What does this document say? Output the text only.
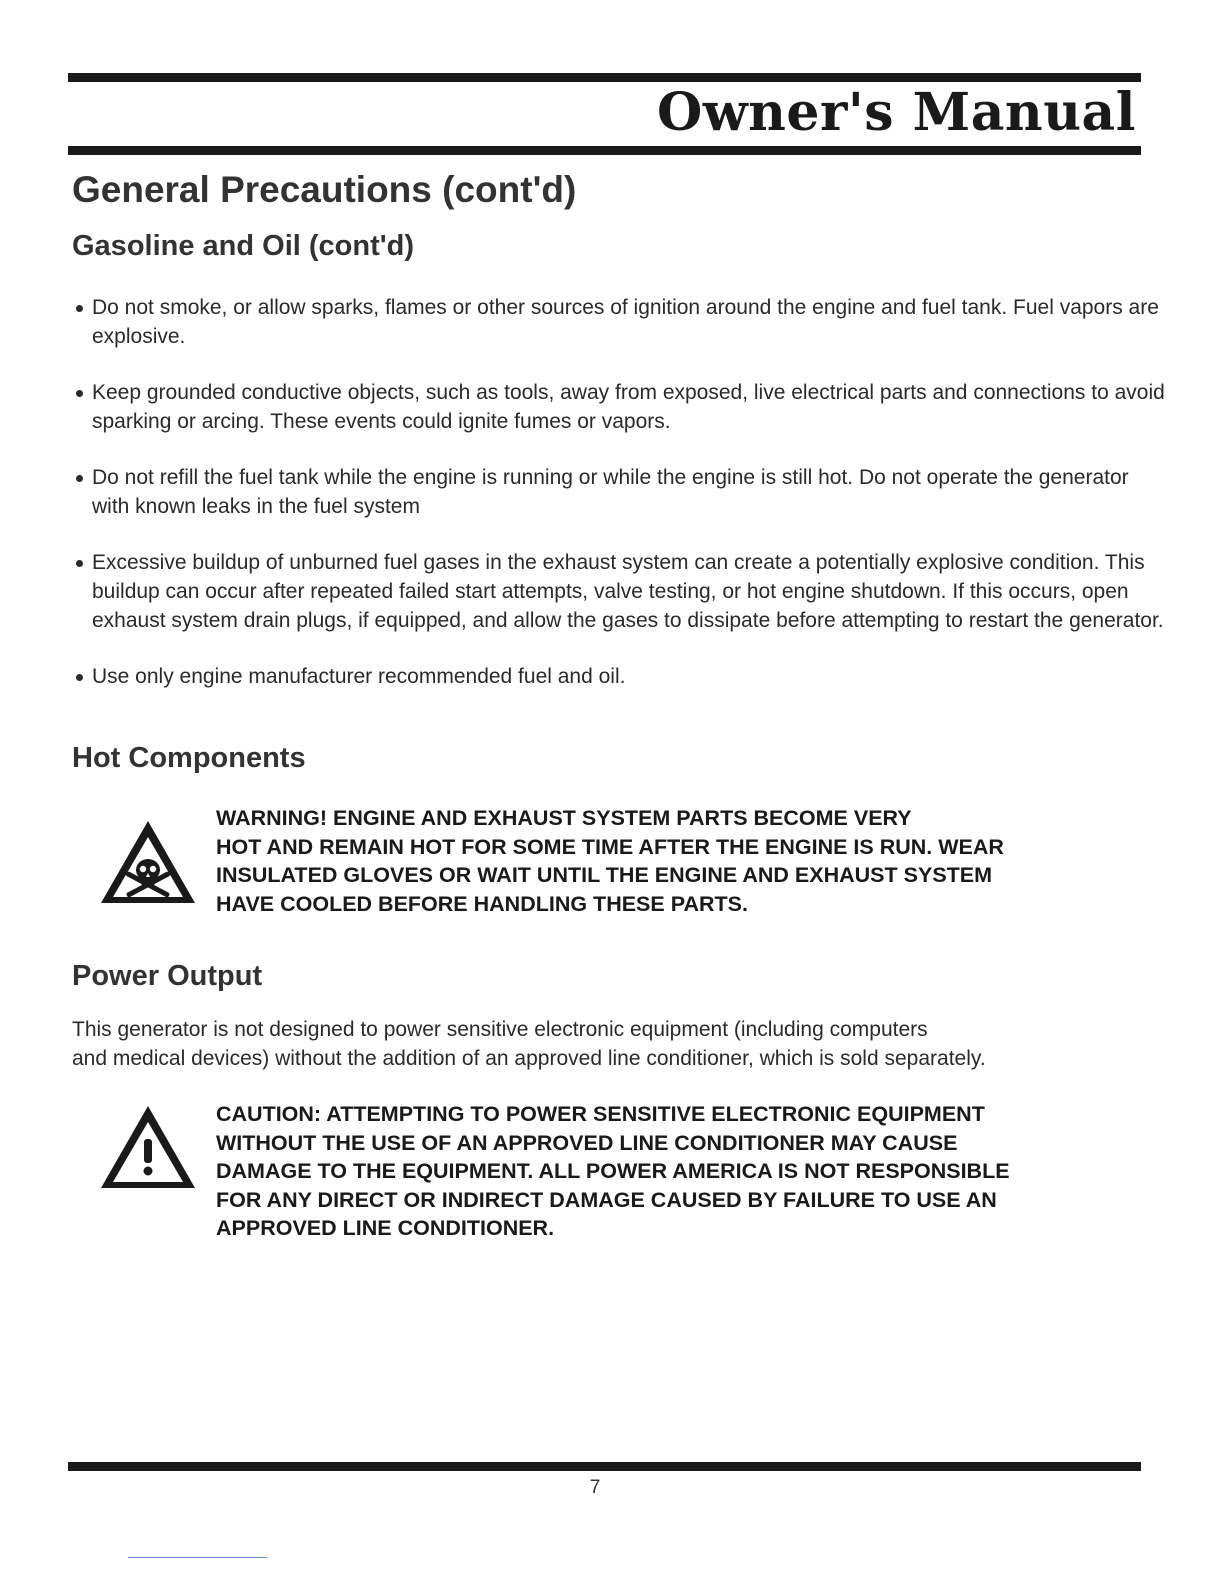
Owner's Manual
General Precautions (cont'd)
Gasoline and Oil (cont'd)
Do not smoke, or allow sparks, flames or other sources of ignition around the engine and fuel tank. Fuel vapors are explosive.
Keep grounded conductive objects, such as tools, away from exposed, live electrical parts and connections to avoid sparking or arcing. These events could ignite fumes or vapors.
Do not refill the fuel tank while the engine is running or while the engine is still hot. Do not operate the generator with known leaks in the fuel system
Excessive buildup of unburned fuel gases in the exhaust system can create a potentially explosive condition. This buildup can occur after repeated failed start attempts, valve testing, or hot engine shutdown. If this occurs, open exhaust system drain plugs, if equipped, and allow the gases to dissipate before attempting to restart the generator.
Use only engine manufacturer recommended fuel and oil.
Hot Components
WARNING! ENGINE AND EXHAUST SYSTEM PARTS BECOME VERY
HOT AND REMAIN HOT FOR SOME TIME AFTER THE ENGINE IS RUN. WEAR
INSULATED GLOVES OR WAIT UNTIL THE ENGINE AND EXHAUST SYSTEM
HAVE COOLED BEFORE HANDLING THESE PARTS.
Power Output
This generator is not designed to power sensitive electronic equipment (including computers
and medical devices) without the addition of an approved line conditioner, which is sold separately.
CAUTION: ATTEMPTING TO POWER SENSITIVE ELECTRONIC EQUIPMENT
WITHOUT THE USE OF AN APPROVED LINE CONDITIONER MAY CAUSE
DAMAGE TO THE EQUIPMENT. ALL POWER AMERICA IS NOT RESPONSIBLE
FOR ANY DIRECT OR INDIRECT DAMAGE CAUSED BY FAILURE TO USE AN
APPROVED LINE CONDITIONER.
7
